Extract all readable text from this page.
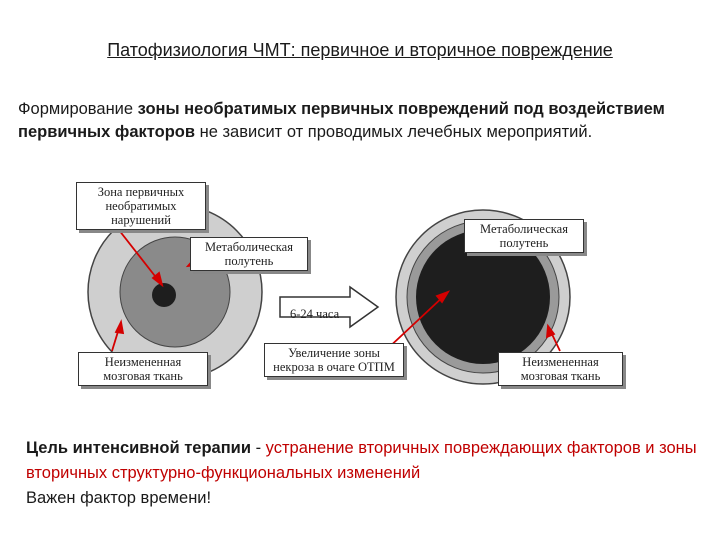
Патофизиология ЧМТ: первичное и вторичное повреждение
Формирование зоны необратимых первичных повреждений под воздействием первичных факторов не зависит от проводимых лечебных мероприятий.
Зона первичных необратимых нарушений
Метаболическая полутень
6-24 часа
Метаболическая полутень
Неизмененная мозговая ткань
Увеличение зоны некроза в очаге ОТПМ	Неизмененная мозговая ткань
Цель интенсивной терапии - устранение вторичных повреждающих факторов и зоны вторичных структурно-функциональных изменений
Важен фактор времени!
